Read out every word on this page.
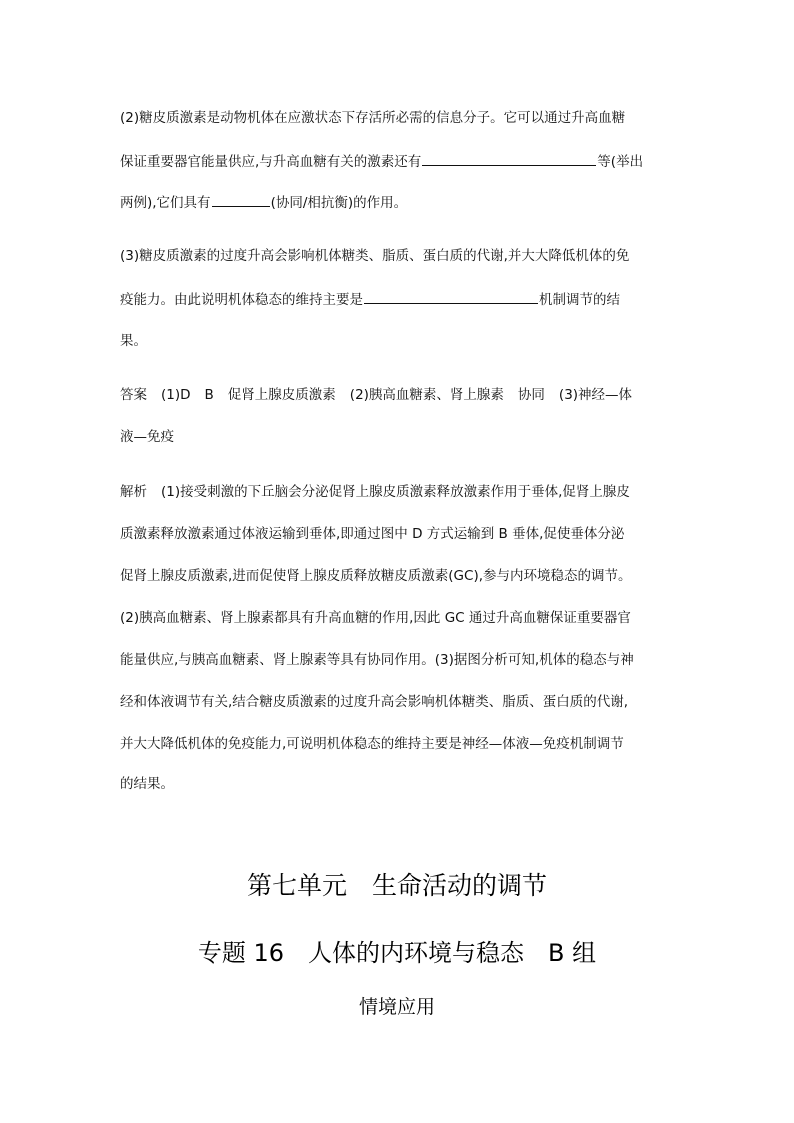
(2)糖皮质激素是动物机体在应激状态下存活所必需的信息分子。它可以通过升高血糖
保证重要器官能量供应,与升高血糖有关的激素还有	等(举出
两例),它们具有	(协同/相抗衡)的作用。
(3)糖皮质激素的过度升高会影响机体糖类、脂质、蛋白质的代谢,并大大降低机体的免
疫能力。由此说明机体稳态的维持主要是	机制调节的结
果。
答案 (1)D B 促肾上腺皮质激素 (2)胰高血糖素、肾上腺素 协同 (3)神经—体
液—免疫
解析 (1)接受刺激的下丘脑会分泌促肾上腺皮质激素释放激素作用于垂体,促肾上腺皮
质激素释放激素通过体液运输到垂体,即通过图中 D 方式运输到 B 垂体,促使垂体分泌
促肾上腺皮质激素,进而促使肾上腺皮质释放糖皮质激素(GC),参与内环境稳态的调节。
(2)胰高血糖素、肾上腺素都具有升高血糖的作用,因此 GC 通过升高血糖保证重要器官
能量供应,与胰高血糖素、肾上腺素等具有协同作用。(3)据图分析可知,机体的稳态与神
经和体液调节有关,结合糖皮质激素的过度升高会影响机体糖类、脂质、蛋白质的代谢,
并大大降低机体的免疫能力,可说明机体稳态的维持主要是神经—体液—免疫机制调节
的结果。
第七单元　生命活动的调节
专题 16　人体的内环境与稳态　B 组
情境应用
